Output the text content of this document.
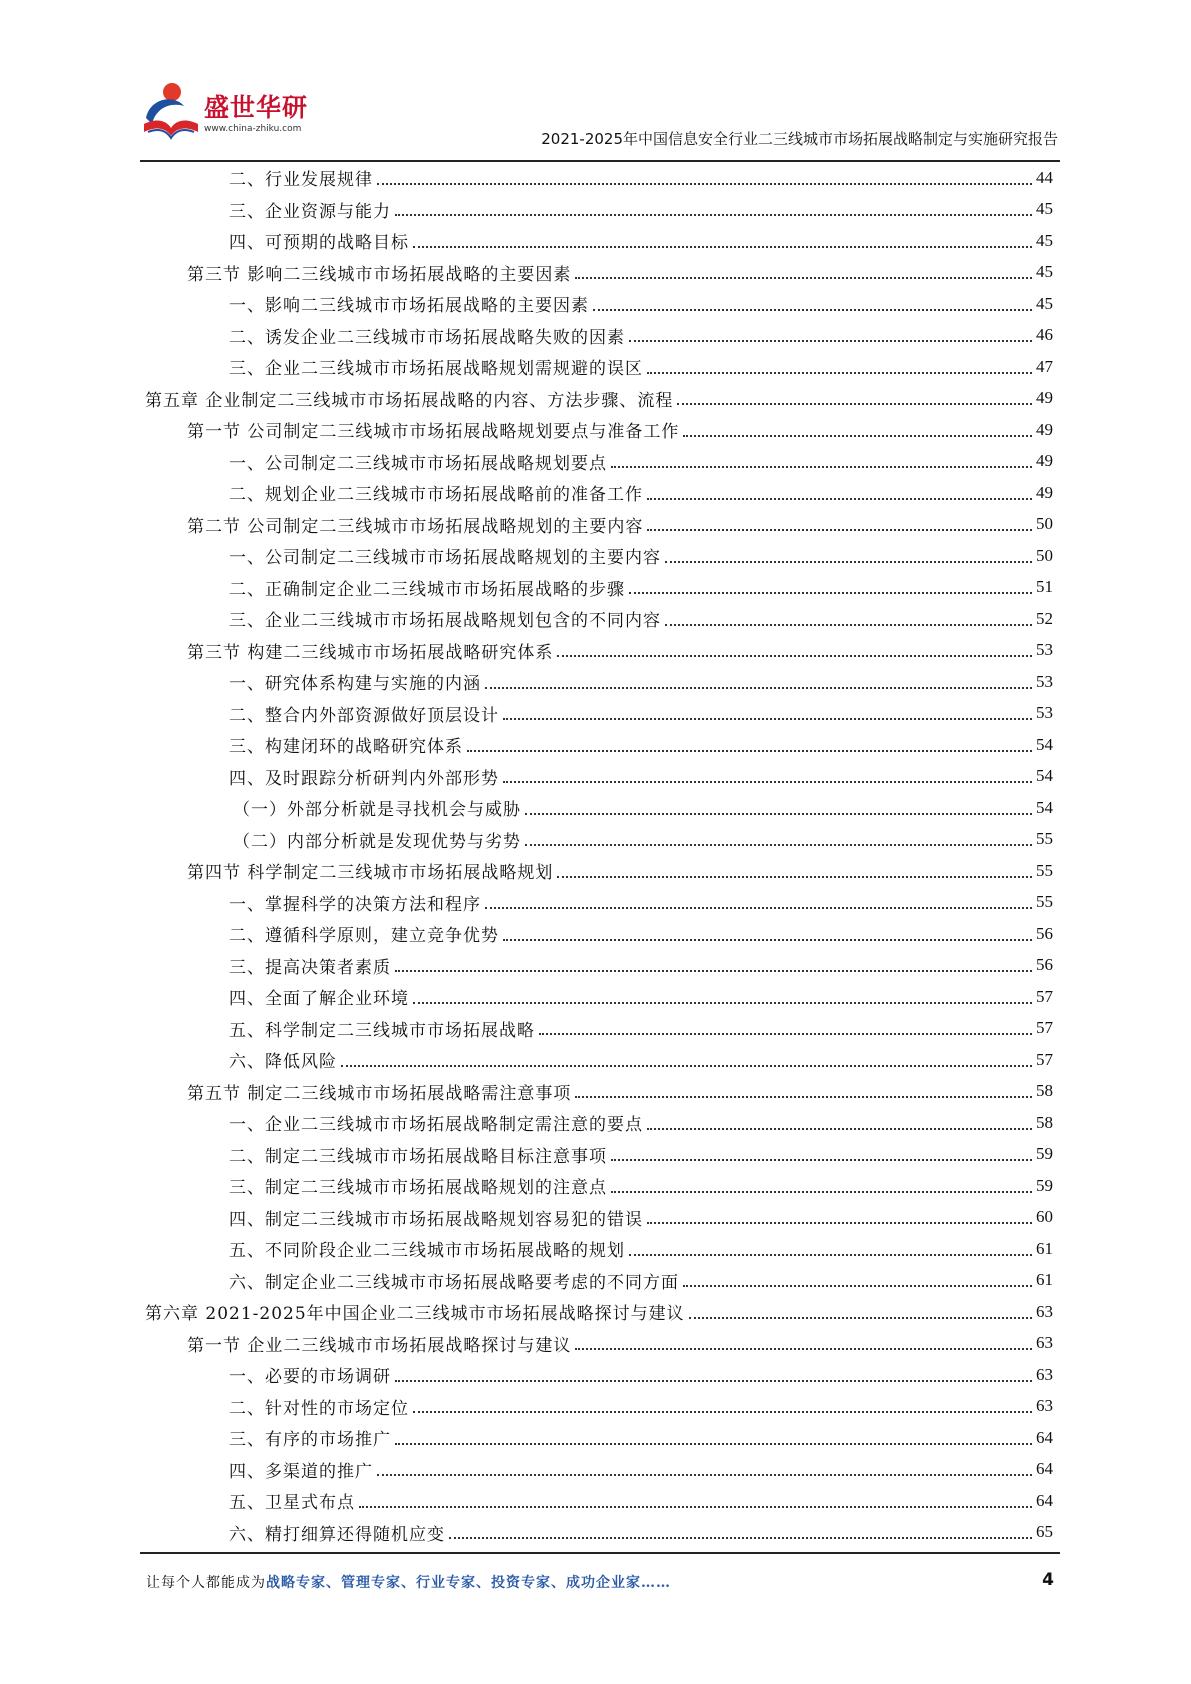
盛世华研
www.china-zhiku.com
2021-2025年中国信息安全行业二三线城市市场拓展战略制定与实施研究报告
二、行业发展规律	44
三、企业资源与能力	45
四、可预期的战略目标	45
第三节 影响二三线城市市场拓展战略的主要因素	45
一、影响二三线城市市场拓展战略的主要因素	45
二、诱发企业二三线城市市场拓展战略失败的因素	46
三、企业二三线城市市场拓展战略规划需规避的误区	47
第五章 企业制定二三线城市市场拓展战略的内容、方法步骤、流程	49
第一节 公司制定二三线城市市场拓展战略规划要点与准备工作	49
一、公司制定二三线城市市场拓展战略规划要点	49
二、规划企业二三线城市市场拓展战略前的准备工作	49
第二节 公司制定二三线城市市场拓展战略规划的主要内容	50
一、公司制定二三线城市市场拓展战略规划的主要内容	50
二、正确制定企业二三线城市市场拓展战略的步骤	51
三、企业二三线城市市场拓展战略规划包含的不同内容	52
第三节 构建二三线城市市场拓展战略研究体系	53
一、研究体系构建与实施的内涵	53
二、整合内外部资源做好顶层设计	53
三、构建闭环的战略研究体系	54
四、及时跟踪分析研判内外部形势	54
（一）外部分析就是寻找机会与威胁	54
（二）内部分析就是发现优势与劣势	55
第四节 科学制定二三线城市市场拓展战略规划	55
一、掌握科学的决策方法和程序	55
二、遵循科学原则，建立竞争优势	56
三、提高决策者素质	56
四、全面了解企业环境	57
五、科学制定二三线城市市场拓展战略	57
六、降低风险	57
第五节 制定二三线城市市场拓展战略需注意事项	58
一、企业二三线城市市场拓展战略制定需注意的要点	58
二、制定二三线城市市场拓展战略目标注意事项	59
三、制定二三线城市市场拓展战略规划的注意点	59
四、制定二三线城市市场拓展战略规划容易犯的错误	60
五、不同阶段企业二三线城市市场拓展战略的规划	61
六、制定企业二三线城市市场拓展战略要考虑的不同方面	61
第六章 2021-2025年中国企业二三线城市市场拓展战略探讨与建议	63
第一节 企业二三线城市市场拓展战略探讨与建议	63
一、必要的市场调研	63
二、针对性的市场定位	63
三、有序的市场推广	64
四、多渠道的推广	64
五、卫星式布点	64
六、精打细算还得随机应变	65
让每个人都能成为战略专家、管理专家、行业专家、投资专家、成功企业家……	4
